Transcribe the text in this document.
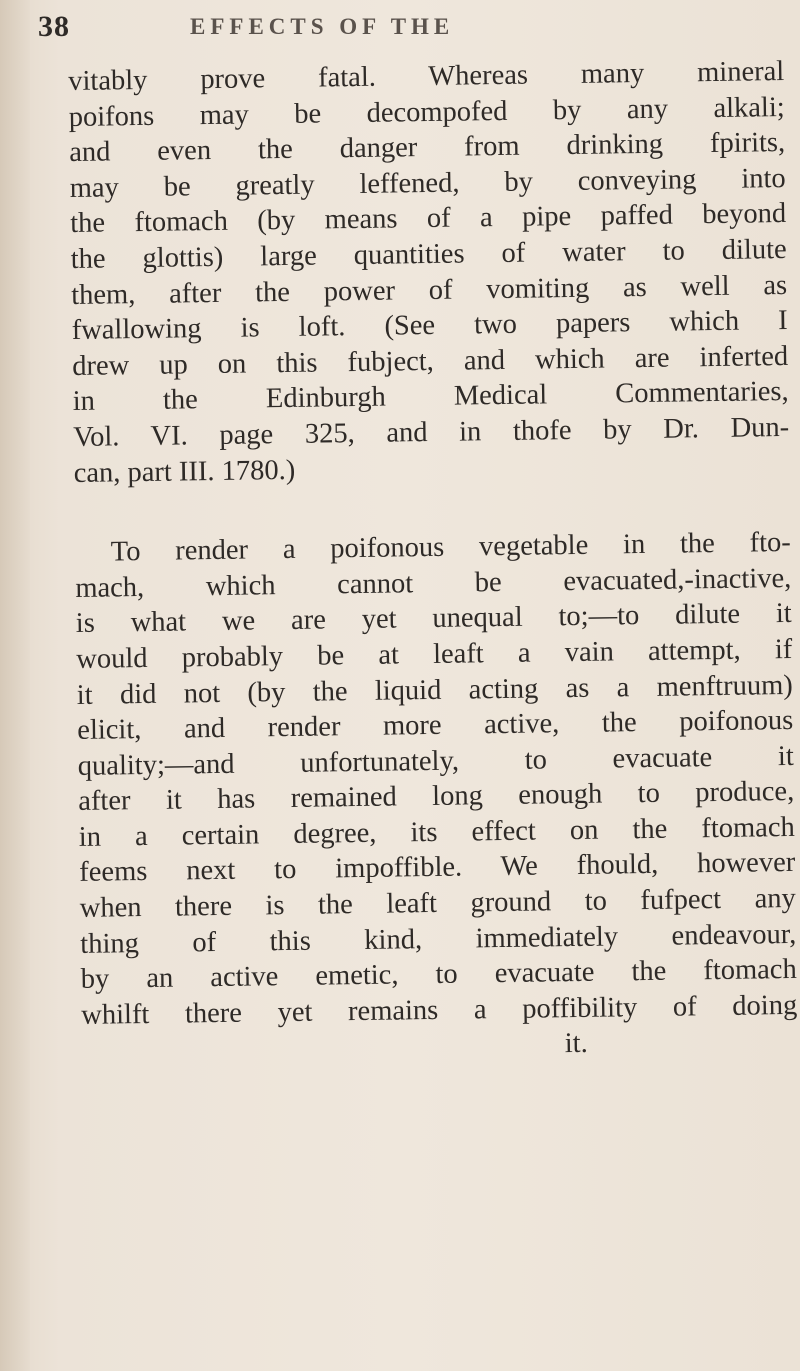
38	EFFECTS OF THE
vitably prove fatal. Whereas many mineral
poifons may be decompofed by any alkali;
and even the danger from drinking fpirits,
may be greatly leffened, by conveying into
the ftomach (by means of a pipe paffed beyond
the glottis) large quantities of water to dilute
them, after the power of vomiting as well as
fwallowing is loft. (See two papers which I
drew up on this fubject, and which are inferted
in the Edinburgh Medical Commentaries,
Vol. VI. page 325, and in thofe by Dr. Dun-
can, part III. 1780.)
To render a poifonous vegetable in the fto-
mach, which cannot be evacuated,-inactive,
is what we are yet unequal to;—to dilute it
would probably be at leaft a vain attempt, if
it did not (by the liquid acting as a menftruum)
elicit, and render more active, the poifonous
quality;—and unfortunately, to evacuate it
after it has remained long enough to produce,
in a certain degree, its effect on the ftomach
feems next to impoffible. We fhould, however
when there is the leaft ground to fufpect any
thing of this kind, immediately endeavour,
by an active emetic, to evacuate the ftomach
whilft there yet remains a poffibility of doing
it.
